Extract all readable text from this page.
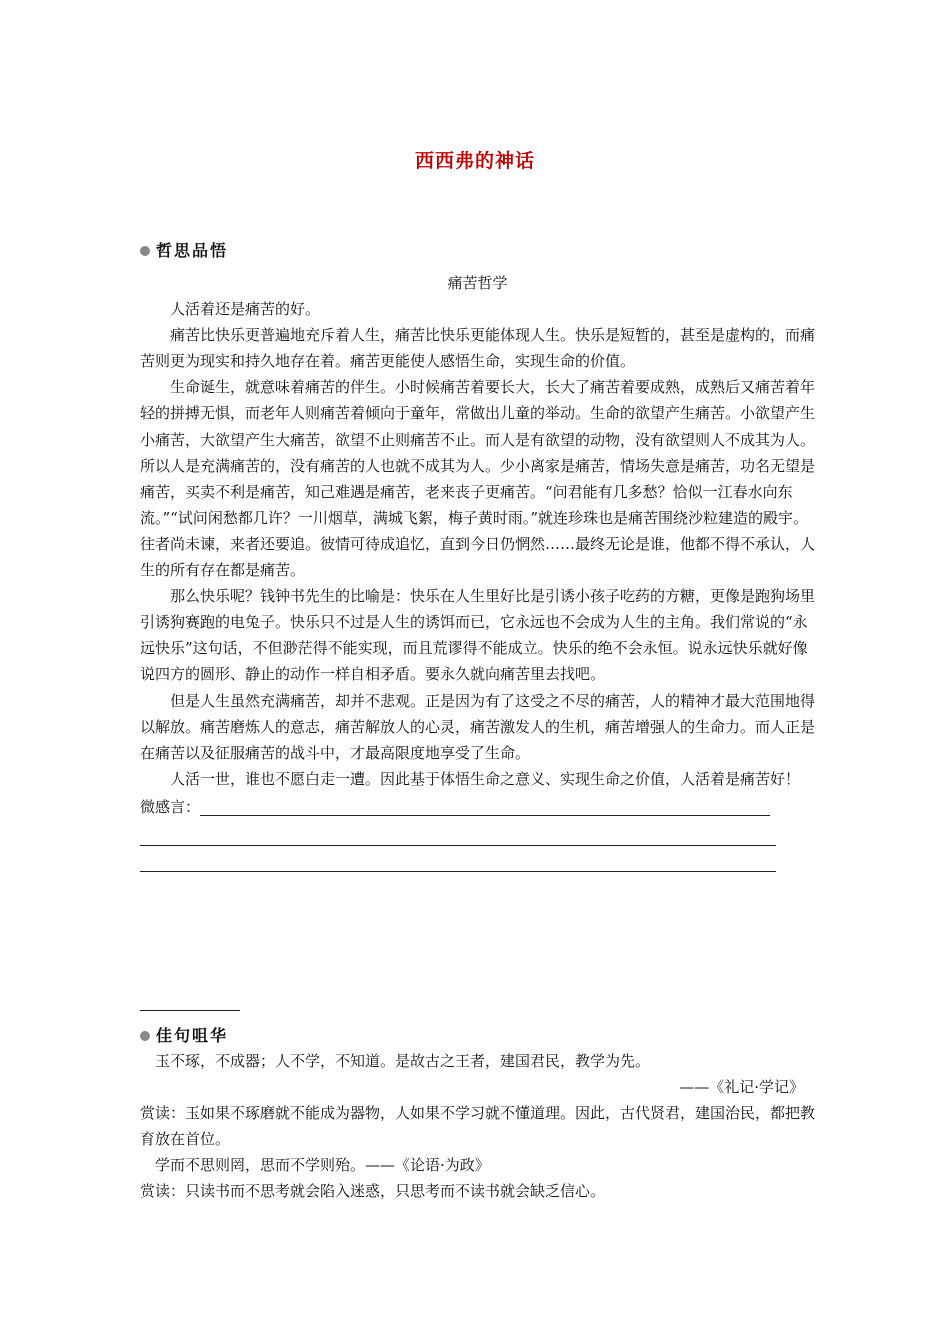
西西弗的神话
哲思品悟

痛苦哲学

人活着还是痛苦的好。

痛苦比快乐更普遍地充斥着人生，痛苦比快乐更能体现人生。快乐是短暂的，甚至是虚构的，而痛苦则更为现实和持久地存在着。痛苦更能使人感悟生命，实现生命的价值。

生命诞生，就意味着痛苦的伴生。小时候痛苦着要长大，长大了痛苦着要成熟，成熟后又痛苦着年轻的拼搏无惧，而老年人则痛苦着倾向于童年，常做出儿童的举动。生命的欲望产生痛苦。小欲望产生小痛苦，大欲望产生大痛苦，欲望不止则痛苦不止。而人是有欲望的动物，没有欲望则人不成其为人。所以人是充满痛苦的，没有痛苦的人也就不成其为人。少小离家是痛苦，情场失意是痛苦，功名无望是痛苦，买卖不利是痛苦，知己难遇是痛苦，老来丧子更痛苦。“问君能有几多愁？恰似一江春水向东流。”“试问闲愁都几许？一川烟草，满城飞絮，梅子黄时雨。”就连珍珠也是痛苦围绕沙粒建造的殿宇。往者尚未谏，来者还要追。彼情可待成追忆，直到今日仍惘然……最终无论是谁，他都不得不承认，人生的所有存在都是痛苦。

那么快乐呢？钱钟书先生的比喻是：快乐在人生里好比是引诱小孩子吃药的方糖，更像是跑狗场里引诱狗赛跑的电兔子。快乐只不过是人生的诱饵而已，它永远也不会成为人生的主角。我们常说的“永远快乐”这句话，不但渺茫得不能实现，而且荒谬得不能成立。快乐的绝不会永恒。说永远快乐就好像说四方的圆形、静止的动作一样自相矛盾。要永久就向痛苦里去找吧。

但是人生虽然充满痛苦，却并不悲观。正是因为有了这受之不尽的痛苦，人的精神才最大范围地得以解放。痛苦磨炼人的意志，痛苦解放人的心灵，痛苦激发人的生机，痛苦增强人的生命力。而人正是在痛苦以及征服痛苦的战斗中，才最高限度地享受了生命。

人活一世，谁也不愿白走一遭。因此基于体悟生命之意义、实现生命之价值，人活着是痛苦好！

微感言：
佳句咀华

玉不琢，不成器；人不学，不知道。是故古之王者，建国君民，教学为先。

——《礼记·学记》

赏读：玉如果不琢磨就不能成为器物，人如果不学习就不懂道理。因此，古代贤君，建国治民，都把教育放在首位。

学而不思则罔，思而不学则殆。——《论语·为政》

赏读：只读书而不思考就会陷入迷惑，只思考而不读书就会缺乏信心。
